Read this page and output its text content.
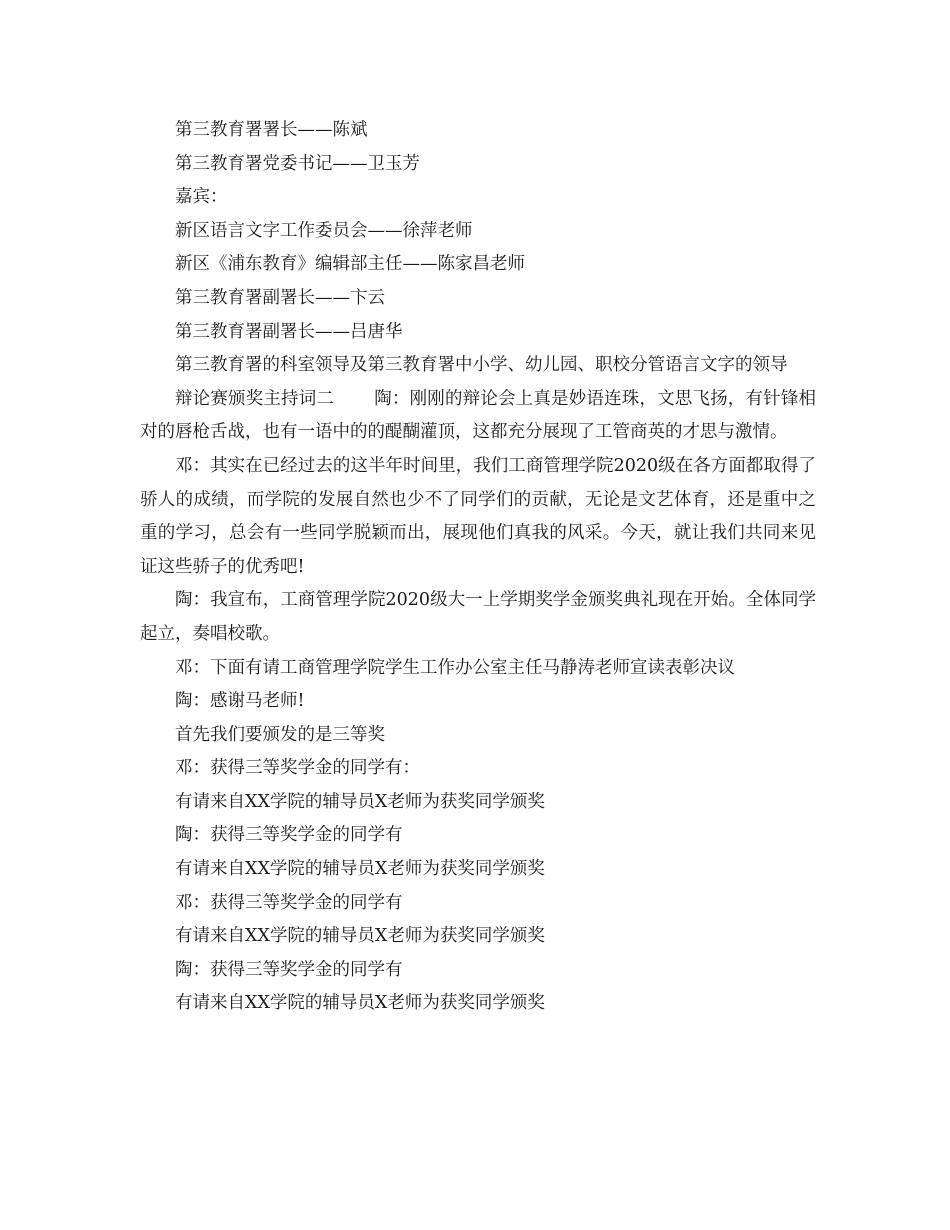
第三教育署署长——陈斌

第三教育署党委书记——卫玉芳

嘉宾：

新区语言文字工作委员会——徐萍老师

新区《浦东教育》编辑部主任——陈家昌老师

第三教育署副署长——卞云

第三教育署副署长——吕唐华

第三教育署的科室领导及第三教育署中小学、幼儿园、职校分管语言文字的领导

辩论赛颁奖主持词二 陶：刚刚的辩论会上真是妙语连珠，文思飞扬，有针锋相对的唇枪舌战，也有一语中的的醍醐灌顶，这都充分展现了工管商英的才思与激情。

邓：其实在已经过去的这半年时间里，我们工商管理学院2020级在各方面都取得了骄人的成绩，而学院的发展自然也少不了同学们的贡献，无论是文艺体育，还是重中之重的学习，总会有一些同学脱颖而出，展现他们真我的风采。今天，就让我们共同来见证这些骄子的优秀吧!

陶：我宣布，工商管理学院2020级大一上学期奖学金颁奖典礼现在开始。全体同学起立，奏唱校歌。

邓：下面有请工商管理学院学生工作办公室主任马静涛老师宣读表彰决议

陶：感谢马老师!

首先我们要颁发的是三等奖

邓：获得三等奖学金的同学有：

有请来自XX学院的辅导员X老师为获奖同学颁奖

陶：获得三等奖学金的同学有

有请来自XX学院的辅导员X老师为获奖同学颁奖

邓：获得三等奖学金的同学有

有请来自XX学院的辅导员X老师为获奖同学颁奖

陶：获得三等奖学金的同学有

有请来自XX学院的辅导员X老师为获奖同学颁奖
